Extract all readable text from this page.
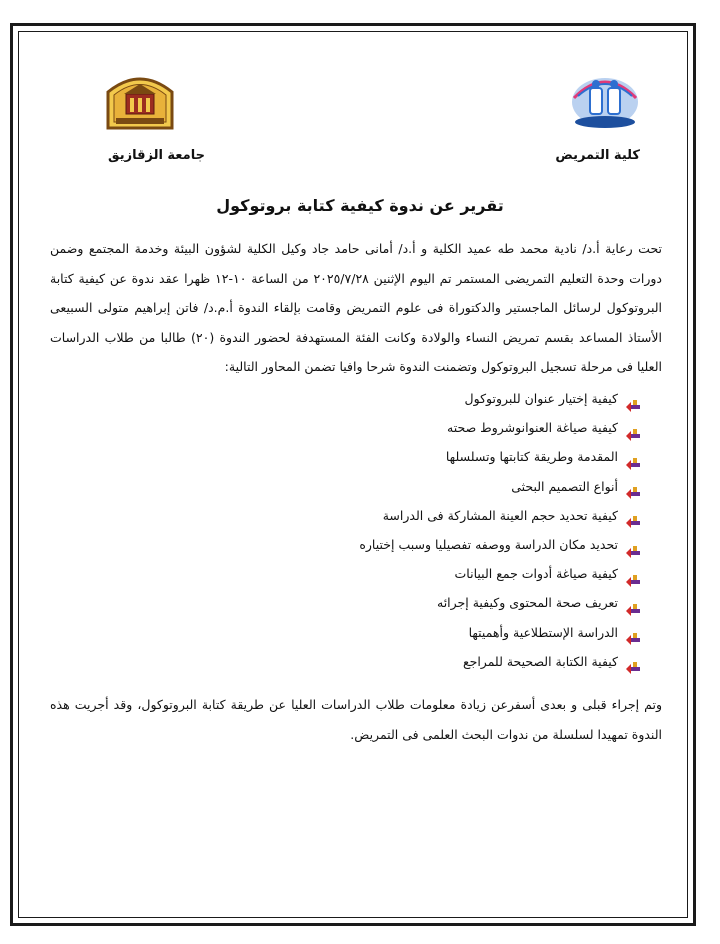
كلية التمريض
جامعة الزقازيق
تقرير عن ندوة كيفية كتابة بروتوكول
تحت رعاية أ.د/ نادية محمد طه عميد الكلية و أ.د/ أمانى حامد جاد وكيل الكلية لشؤون البيئة وخدمة المجتمع وضمن دورات وحدة التعليم التمريضى المستمر تم اليوم الإثنين ٢٠٢٥/٧/٢٨ من الساعة ١٠-١٢ ظهرا عقد ندوة عن كيفية كتابة البروتوكول لرسائل الماجستير والدكتوراة فى علوم التمريض وقامت بإلقاء الندوة أ.م.د/ فاتن إبراهيم متولى السبيعى الأستاذ المساعد بقسم تمريض النساء والولادة وكانت الفئة المستهدفة لحضور الندوة (٢٠) طالبا من طلاب الدراسات العليا فى مرحلة تسجيل البروتوكول وتضمنت الندوة شرحا وافيا تضمن المحاور التالية:
كيفية إختيار عنوان للبروتوكول
كيفية صياغة العنوانوشروط صحته
المقدمة وطريقة كتابتها وتسلسلها
أنواع التصميم البحثى
كيفية تحديد حجم العينة المشاركة فى الدراسة
تحديد مكان الدراسة ووصفه تفصيليا وسبب إختياره
كيفية صياغة أدوات جمع البيانات
تعريف صحة المحتوى وكيفية إجرائه
الدراسة الإستطلاعية وأهميتها
كيفية الكتابة الصحيحة للمراجع
وتم إجراء قبلى و بعدى أسفرعن زيادة معلومات طلاب الدراسات العليا عن طريقة كتابة البروتوكول، وقد أجريت هذه الندوة تمهيدا لسلسلة من ندوات البحث العلمى فى التمريض.
